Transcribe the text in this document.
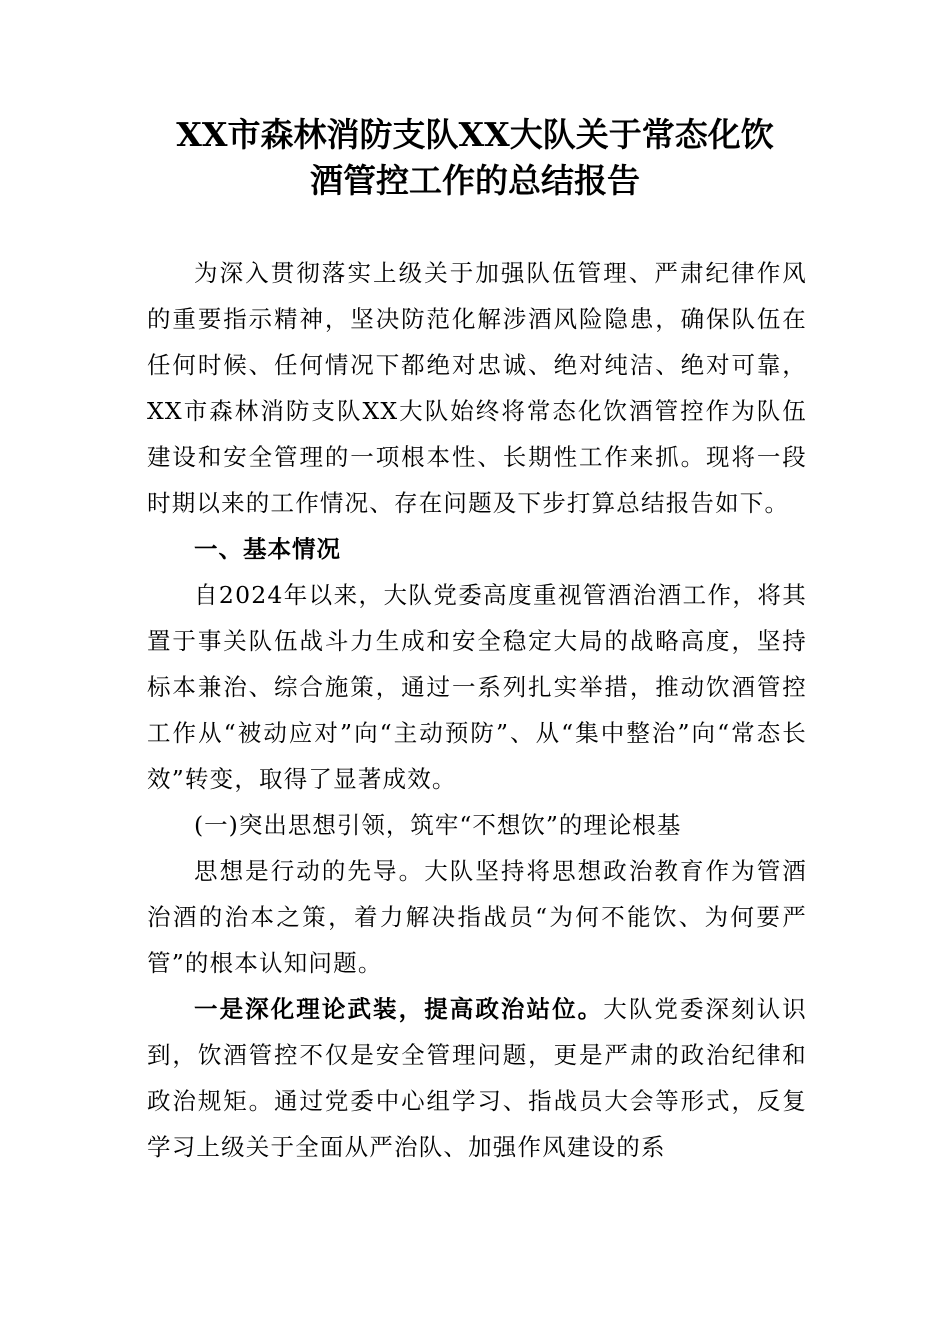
XX市森林消防支队XX大队关于常态化饮
酒管控工作的总结报告

为深入贯彻落实上级关于加强队伍管理、严肃纪律作风的重要指示精神，坚决防范化解涉酒风险隐患，确保队伍在任何时候、任何情况下都绝对忠诚、绝对纯洁、绝对可靠，XX市森林消防支队XX大队始终将常态化饮酒管控作为队伍建设和安全管理的一项根本性、长期性工作来抓。现将一段时期以来的工作情况、存在问题及下步打算总结报告如下。

一、基本情况

自2024年以来，大队党委高度重视管酒治酒工作，将其置于事关队伍战斗力生成和安全稳定大局的战略高度，坚持标本兼治、综合施策，通过一系列扎实举措，推动饮酒管控工作从“被动应对”向“主动预防”、从“集中整治”向“常态长效”转变，取得了显著成效。

(一)突出思想引领，筑牢“不想饮”的理论根基

思想是行动的先导。大队坚持将思想政治教育作为管酒治酒的治本之策，着力解决指战员“为何不能饮、为何要严管”的根本认知问题。

一是深化理论武装，提高政治站位。大队党委深刻认识到，饮酒管控不仅是安全管理问题，更是严肃的政治纪律和政治规矩。通过党委中心组学习、指战员大会等形式，反复学习上级关于全面从严治队、加强作风建设的系
